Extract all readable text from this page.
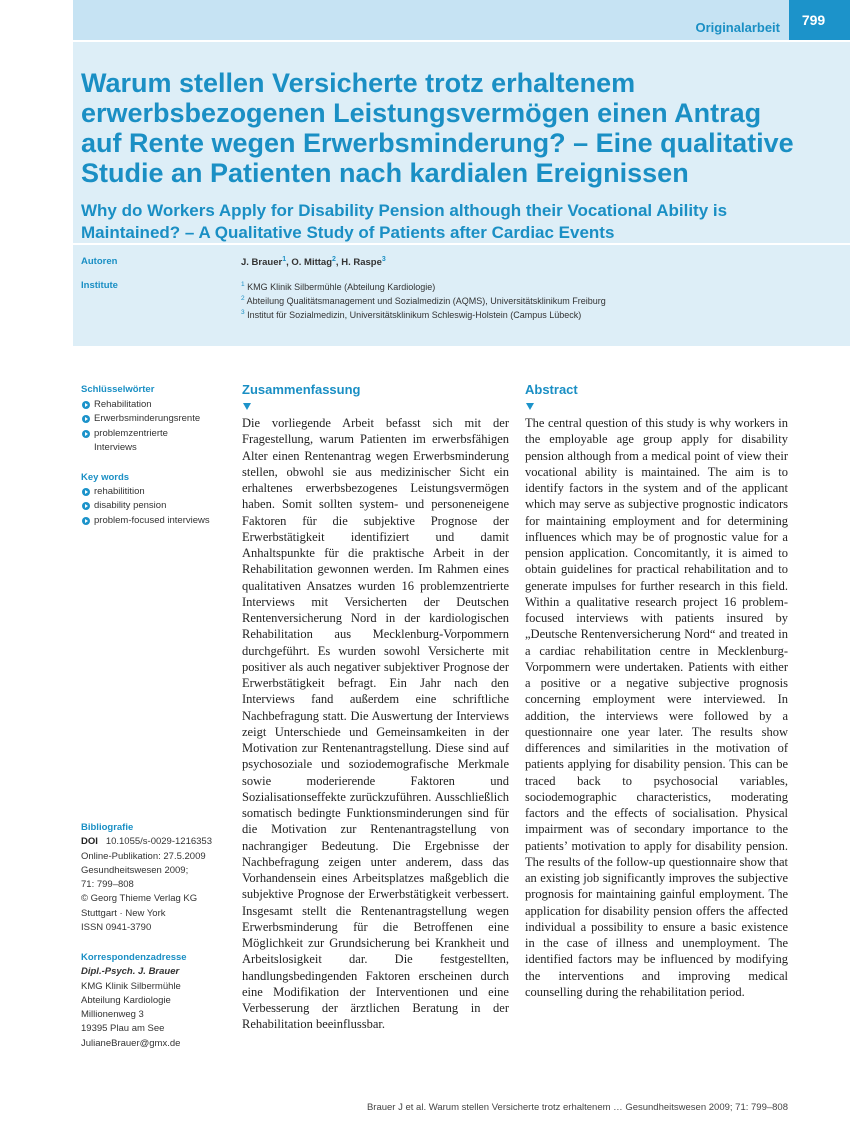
Originalarbeit	799
Warum stellen Versicherte trotz erhaltenem erwerbsbezogenen Leistungsvermögen einen Antrag auf Rente wegen Erwerbsminderung? – Eine qualitative Studie an Patienten nach kardialen Ereignissen
Why do Workers Apply for Disability Pension although their Vocational Ability is Maintained? – A Qualitative Study of Patients after Cardiac Events
Autoren
Institute
J. Brauer$^1$, O. Mittag$^2$, H. Raspe$^3$
$^1$ KMG Klinik Silbermühle (Abteilung Kardiologie)
$^2$ Abteilung Qualitätsmanagement und Sozialmedizin (AQMS), Universitätsklinikum Freiburg
$^3$ Institut für Sozialmedizin, Universitätsklinikum Schleswig-Holstein (Campus Lübeck)
Schlüsselwörter
Rehabilitation
Erwerbsminderungsrente
problemzentrierte
Interviews
Key words
rehabilitition
disability pension
problem-focused interviews
Bibliografie
DOI 10.1055/s-0029-1216353
Online-Publikation: 27.5.2009
Gesundheitswesen 2009;
71: 799–808
© Georg Thieme Verlag KG
Stuttgart · New York
ISSN 0941-3790
Korrespondenzadresse
Dipl.-Psych. J. Brauer
KMG Klinik Silbermühle
Abteilung Kardiologie
Millionenweg 3
19395 Plau am See
JulianeBrauer@gmx.de
Zusammenfassung

Die vorliegende Arbeit befasst sich mit der Fragestellung, warum Patienten im erwerbsfähigen Alter einen Rentenantrag wegen Erwerbsminderung stellen, obwohl sie aus medizinischer Sicht ein erhaltenes erwerbsbezogenes Leistungsvermögen haben. Somit sollten system- und personeneigene Faktoren für die subjektive Prognose der Erwerbstätigkeit identifiziert und damit Anhaltspunkte für die praktische Arbeit in der Rehabilitation gewonnen werden. Im Rahmen eines qualitativen Ansatzes wurden 16 problemzentrierte Interviews mit Versicherten der Deutschen Rentenversicherung Nord in der kardiologischen Rehabilitation aus Mecklenburg-Vorpommern durchgeführt. Es wurden sowohl Versicherte mit positiver als auch negativer subjektiver Prognose der Erwerbstätigkeit befragt. Ein Jahr nach den Interviews fand außerdem eine schriftliche Nachbefragung statt. Die Auswertung der Interviews zeigt Unterschiede und Gemeinsamkeiten in der Motivation zur Rentenantragstellung. Diese sind auf psychosoziale und soziodemografische Merkmale sowie moderierende Faktoren und Sozialisationseffekte zurückzuführen. Ausschließlich somatisch bedingte Funktionsminderungen sind für die Motivation zur Rentenantragstellung von nachrangiger Bedeutung. Die Ergebnisse der Nachbefragung zeigen unter anderem, dass das Vorhandensein eines Arbeitsplatzes maßgeblich die subjektive Prognose der Erwerbstätigkeit verbessert. Insgesamt stellt die Rentenantragstellung wegen Erwerbsminderung für die Betroffenen eine Möglichkeit zur Grundsicherung bei Krankheit und Arbeitslosigkeit dar. Die festgestellten, handlungsbedingenden Faktoren erscheinen durch eine Modifikation der Interventionen und eine Verbesserung der ärztlichen Beratung in der Rehabilitation beeinflussbar.

Abstract

The central question of this study is why workers in the employable age group apply for disability pension although from a medical point of view their vocational ability is maintained. The aim is to identify factors in the system and of the applicant which may serve as subjective prognostic indicators for maintaining employment and for determining influences which may be of prognostic value for a pension application. Concomitantly, it is aimed to obtain guidelines for practical rehabilitation and to generate impulses for further research in this field. Within a qualitative research project 16 problem-focused interviews with patients insured by „Deutsche Rentenversicherung Nord“ and treated in a cardiac rehabilitation centre in Mecklenburg-Vorpommern were undertaken. Patients with either a positive or a negative subjective prognosis concerning employment were interviewed. In addition, the interviews were followed by a questionnaire one year later. The results show differences and similarities in the motivation of patients applying for disability pension. This can be traced back to psychosocial variables, sociodemographic characteristics, moderating factors and the effects of socialisation. Physical impairment was of secondary importance to the patients’ motivation to apply for disability pension. The results of the follow-up questionnaire show that an existing job significantly improves the subjective prognosis for maintaining gainful employment. The application for disability pension offers the affected individual a possibility to ensure a basic existence in the case of illness and unemployment. The identified factors may be influenced by modifying the interventions and improving medical counselling during the rehabilitation period.

Brauer J et al. Warum stellen Versicherte trotz erhaltenem … Gesundheitswesen 2009; 71: 799–808
